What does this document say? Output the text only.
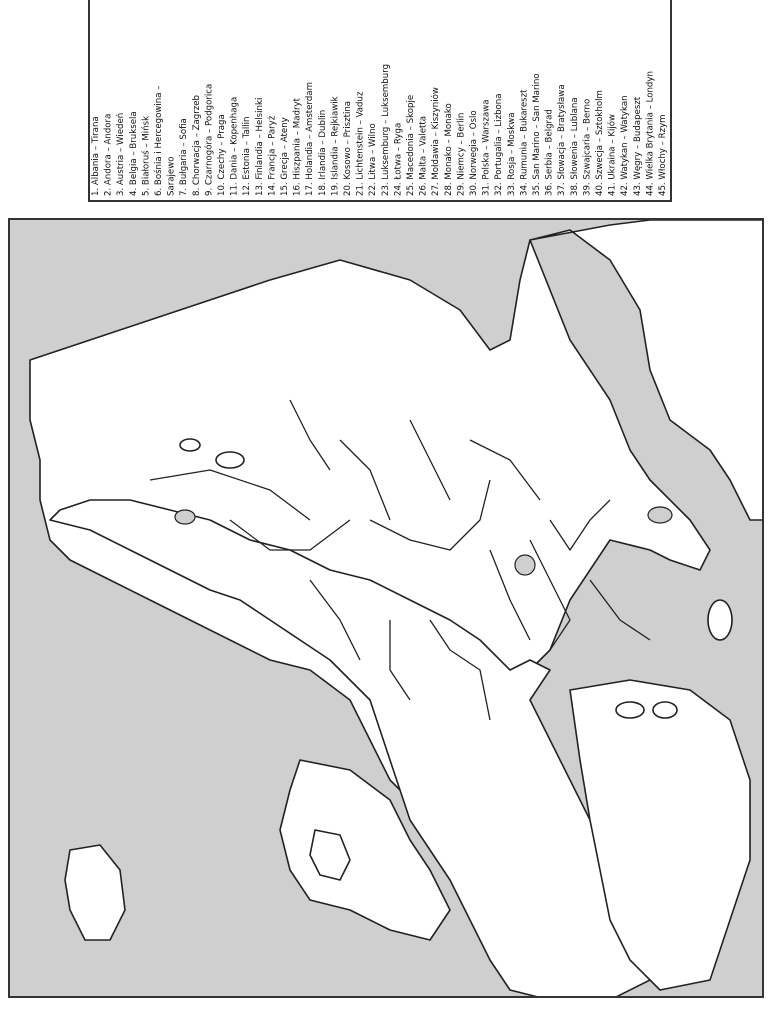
1. Albania – Tirana 2. Andora – Andora 3. Austria – Wiedeń 4. Belgia – Bruksela 5. Białoruś – Mińsk 6. Bośnia i Hercegowina – Sarajewo 7. Bułgaria – Sofia 8. Chorwacja – Zagrzeb 9. Czarnogóra – Podgorica 10. Czechy – Praga 11. Dania – Kopenhaga 12. Estonia – Tallin 13. Finlandia – Helsinki 14. Francja – Paryż 15. Grecja – Ateny 16. Hiszpania – Madryt 17. Holandia – Amsterdam 18. Irlandia – Dublin 19. Islandia – Rejkiawik 20. Kosowo – Prisztina 21. Lichtenstein – Vaduz 22. Litwa – Wilno 23. Luksemburg – Luksemburg 24. Łotwa – Ryga 25. Macedonia – Skopje 26. Malta – Valetta 27. Mołdawia – Kiszyniów 28. Monako – Monako 29. Niemcy – Berlin 30. Norwegia – Oslo 31. Polska – Warszawa 32. Portugalia – Lizbona 33. Rosja – Moskwa 34. Rumunia – Bukareszt 35. San Marino – San Marino 36. Serbia – Belgrad 37. Słowacja – Bratysława 38. Słowenia – Lublana 39. Szwajcaria – Berno 40. Szwecja – Sztokholm 41. Ukraina – Kijów 42. Watykan – Watykan 43. Węgry – Budapeszt 44. Wielka Brytania – Londyn 45. Włochy – Rzym
